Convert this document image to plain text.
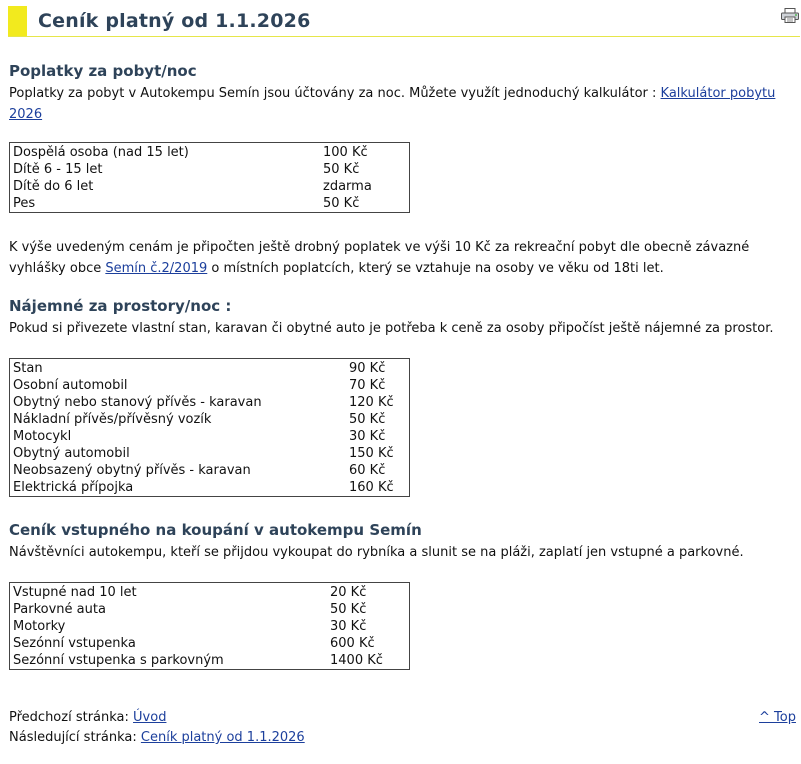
Ceník platný od 1.1.2026
Poplatky za pobyt/noc
Poplatky za pobyt v Autokempu Semín jsou účtovány za noc. Můžete využít jednoduchý kalkulátor : Kalkulátor pobytu
2026
Dospělá osoba (nad 15 let)	100 Kč
Dítě 6 - 15 let	50 Kč
Dítě do 6 let	zdarma
Pes	50 Kč
K výše uvedeným cenám je připočten ještě drobný poplatek ve výši 10 Kč za rekreační pobyt dle obecně závazné
vyhlášky obce Semín č.2/2019 o místních poplatcích, který se vztahuje na osoby ve věku od 18ti let.
Nájemné za prostory/noc :
Pokud si přivezete vlastní stan, karavan či obytné auto je potřeba k ceně za osoby připočíst ještě nájemné za prostor.
Stan	90 Kč
Osobní automobil	70 Kč
Obytný nebo stanový přívěs - karavan	120 Kč
Nákladní přívěs/přívěsný vozík	50 Kč
Motocykl	30 Kč
Obytný automobil	150 Kč
Neobsazený obytný přívěs - karavan	60 Kč
Elektrická přípojka	160 Kč
Ceník vstupného na koupání v autokempu Semín
Návštěvníci autokempu, kteří se přijdou vykoupat do rybníka a slunit se na pláži, zaplatí jen vstupné a parkovné.
Vstupné nad 10 let	20 Kč
Parkovné auta	50 Kč
Motorky	30 Kč
Sezónní vstupenka	600 Kč
Sezónní vstupenka s parkovným	1400 Kč
Předchozí stránka: Úvod
Následující stránka: Ceník platný od 1.1.2026
^ Top
